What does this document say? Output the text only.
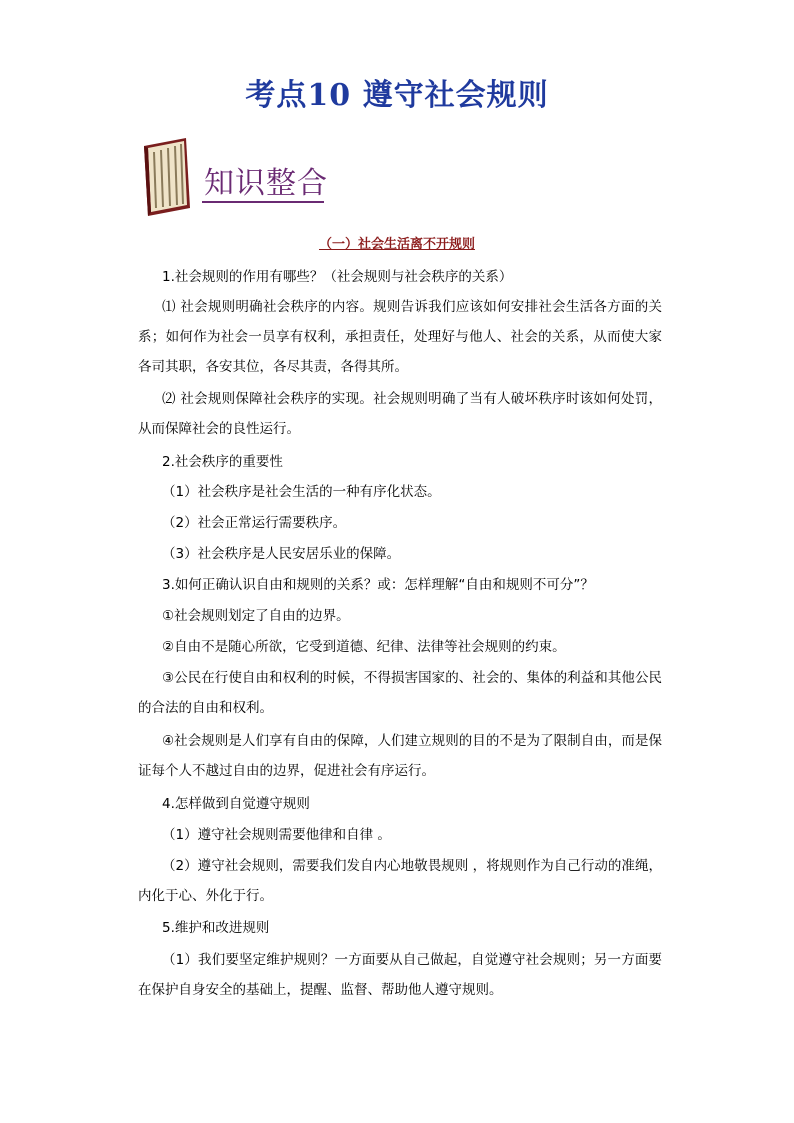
考点10 遵守社会规则
知识整合
（一）社会生活离不开规则
1.社会规则的作用有哪些？（社会规则与社会秩序的关系）
⑴ 社会规则明确社会秩序的内容。规则告诉我们应该如何安排社会生活各方面的关系；如何作为社会一员享有权利，承担责任，处理好与他人、社会的关系，从而使大家各司其职，各安其位，各尽其责，各得其所。
⑵ 社会规则保障社会秩序的实现。社会规则明确了当有人破坏秩序时该如何处罚，从而保障社会的良性运行。
2.社会秩序的重要性
（1）社会秩序是社会生活的一种有序化状态。
（2）社会正常运行需要秩序。
（3）社会秩序是人民安居乐业的保障。
3.如何正确认识自由和规则的关系？或：怎样理解“自由和规则不可分”？
①社会规则划定了自由的边界。
②自由不是随心所欲，它受到道德、纪律、法律等社会规则的约束。
③公民在行使自由和权利的时候，不得损害国家的、社会的、集体的利益和其他公民的合法的自由和权利。
④社会规则是人们享有自由的保障，人们建立规则的目的不是为了限制自由，而是保证每个人不越过自由的边界，促进社会有序运行。
4.怎样做到自觉遵守规则
（1）遵守社会规则需要他律和自律 。
（2）遵守社会规则，需要我们发自内心地敬畏规则 ，将规则作为自己行动的准绳，内化于心、外化于行。
5.维护和改进规则
（1）我们要坚定维护规则？一方面要从自己做起，自觉遵守社会规则；另一方面要在保护自身安全的基础上，提醒、监督、帮助他人遵守规则。
